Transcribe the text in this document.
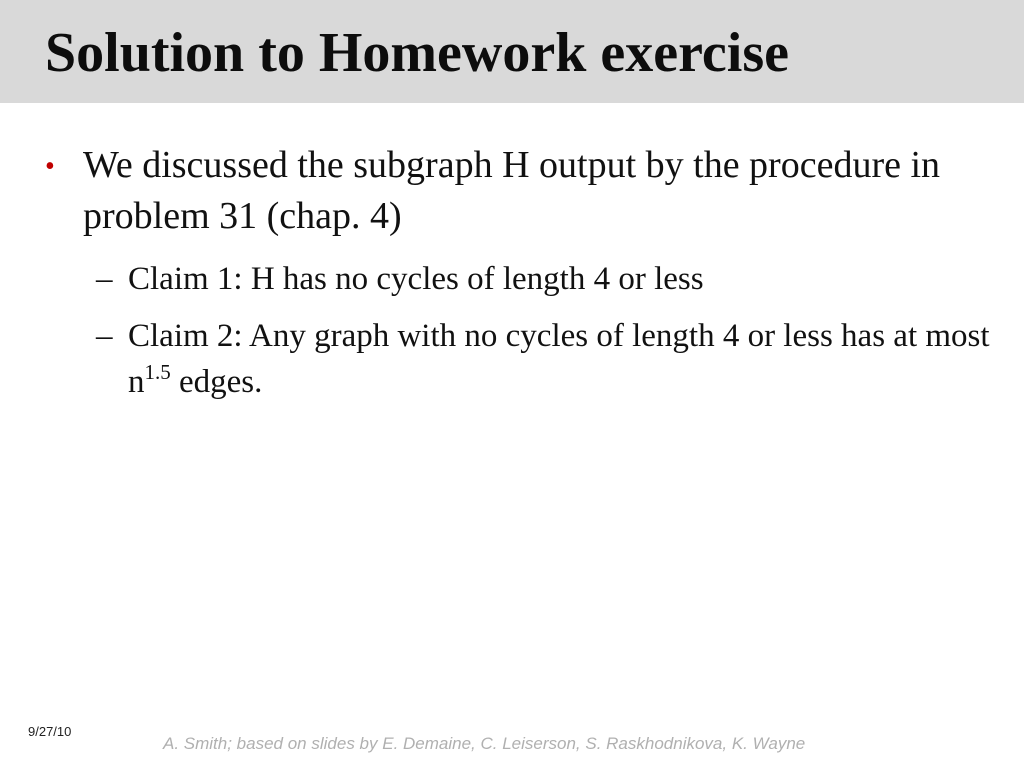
Solution to Homework exercise
• We discussed the subgraph H output by the procedure in problem 31 (chap. 4)
– Claim 1: H has no cycles of length 4 or less
– Claim 2: Any graph with no cycles of length 4 or less has at most $n^{1.5}$ edges.
9/27/10
A. Smith; based on slides by E. Demaine, C. Leiserson, S. Raskhodnikova, K. Wayne
